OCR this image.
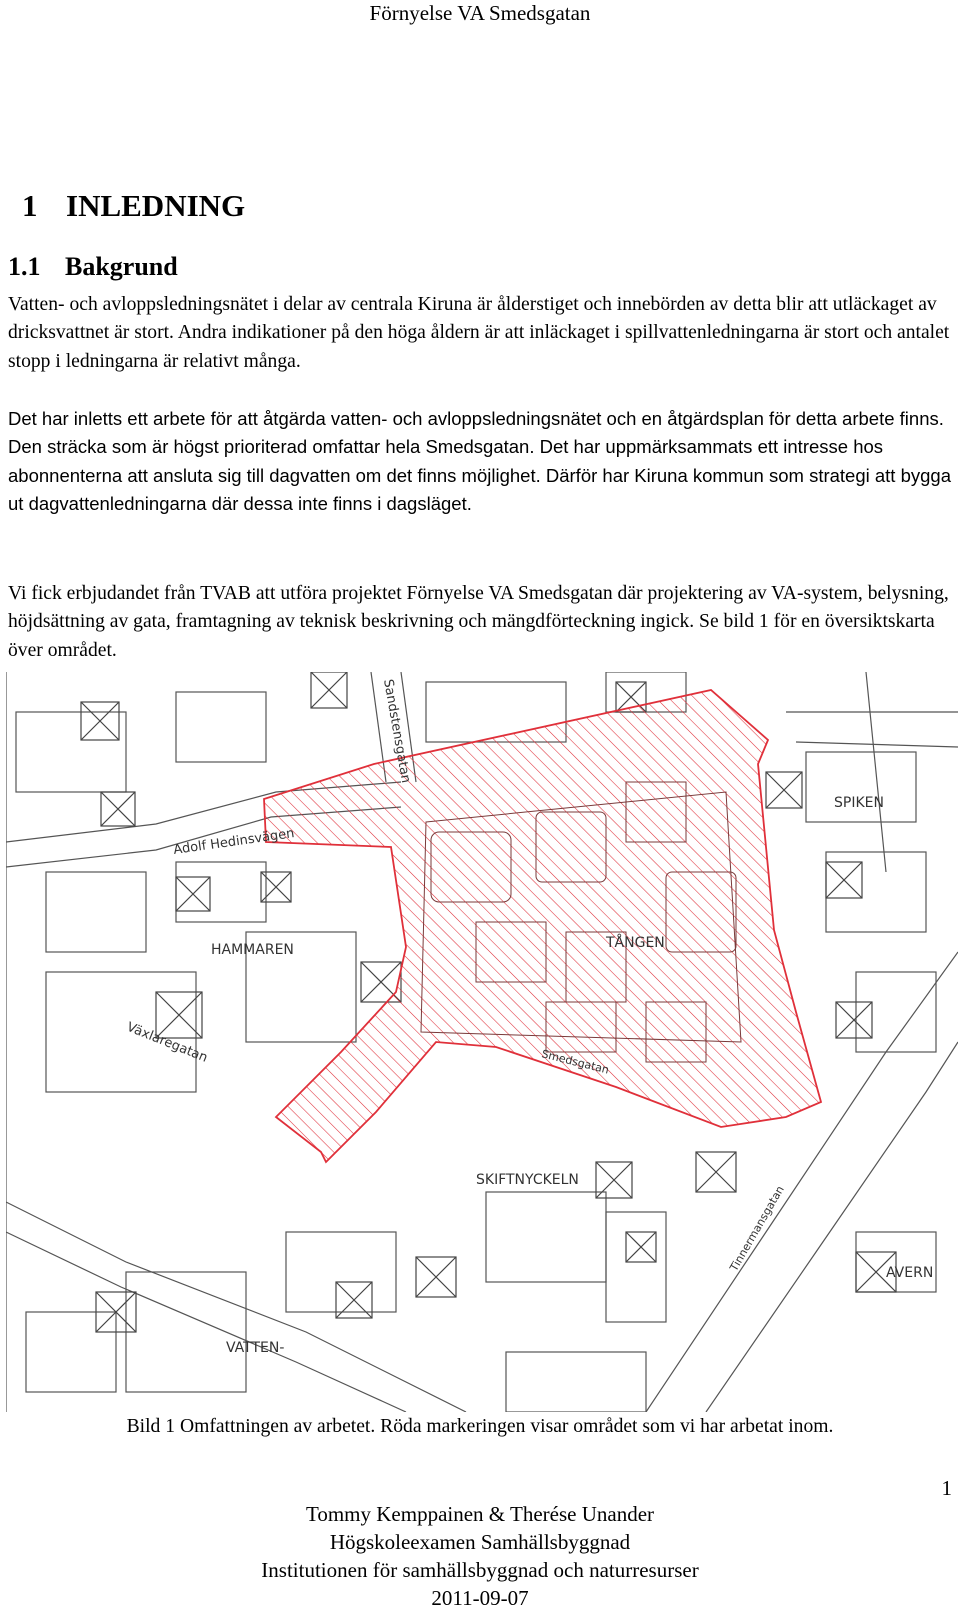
Förnyelse VA Smedsgatan
1 INLEDNING
1.1 Bakgrund

Vatten- och avloppsledningsnätet i delar av centrala Kiruna är ålderstiget och innebörden av detta blir att utläckaget av dricksvattnet är stort. Andra indikationer på den höga åldern är att inläckaget i spillvattenledningarna är stort och antalet stopp i ledningarna är relativt många.

Det har inletts ett arbete för att åtgärda vatten- och avloppsledningsnätet och en åtgärdsplan för detta arbete finns. Den sträcka som är högst prioriterad omfattar hela Smedsgatan. Det har uppmärksammats ett intresse hos abonnenterna att ansluta sig till dagvatten om det finns möjlighet. Därför har Kiruna kommun som strategi att bygga ut dagvattenledningarna där dessa inte finns i dagsläget.

Vi fick erbjudandet från TVAB att utföra projektet Förnyelse VA Smedsgatan där projektering av VA-system, belysning, höjdsättning av gata, framtagning av teknisk beskrivning och mängdförteckning ingick. Se bild 1 för en översiktskarta över området.

Sandstensgatan
Adolf Hedinsvägen
SPIKEN
HAMMAREN	TÅNGEN
Växlaregatan	Smedsgatan
Tinnermansgatan
SKIFTNYCKELN
AVERN
VATTEN-
Bild 1 Omfattningen av arbetet. Röda markeringen visar området som vi har arbetat inom.
1
Tommy Kemppainen & Therése Unander
Högskoleexamen Samhällsbyggnad
Institutionen för samhällsbyggnad och naturresurser
2011-09-07
